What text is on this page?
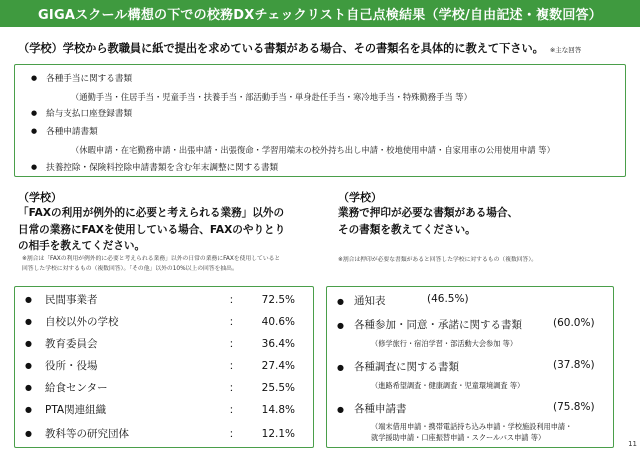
GIGAスクール構想の下での校務DXチェックリスト自己点検結果（学校/自由記述・複数回答）
（学校）学校から教職員に紙で提出を求めている書類がある場合、その書類名を具体的に教えて下さい。 ※主な回答
● 各種手当に関する書類
（通勤手当・住居手当・児童手当・扶養手当・部活動手当・単身赴任手当・寒冷地手当・特殊勤務手当 等）
● 給与支払口座登録書類
● 各種申請書類
（休暇申請・在宅勤務申請・出張申請・出張復命・学習用端末の校外持ち出し申請・校地使用申請・自家用車の公用使用申請 等）
● 扶養控除・保険料控除申請書類を含む年末調整に関する書類
（学校）
「FAXの利用が例外的に必要と考えられる業務」以外の
日常の業務にFAXを使用している場合、FAXのやりとり
の相手を教えてください。
※割合は「FAXの利用が例外的に必要と考えられる業務」以外の日常の業務にFAXを使用していると
回答した学校に対するもの（複数回答）。「その他」以外の10%以上の回答を抽出。
（学校）
業務で押印が必要な書類がある場合、
その書類を教えてください。
※割合は押印が必要な書類があると回答した学校に対するもの（複数回答）。
●	民間事業者	：	72.5%
●	自校以外の学校	：	40.6%
●	教育委員会	：	36.4%
●	役所・役場	：	27.4%
●	給食センター	：	25.5%
●	PTA関連組織	：	14.8%
●	教科等の研究団体	：	12.1%
● 通知表	(46.5%)
● 各種参加・同意・承諾に関する書類	(60.0%)
（修学旅行・宿泊学習・部活動大会参加 等）
● 各種調査に関する書類	(37.8%)
（進路希望調査・健康調査・児童環境調査 等）
● 各種申請書	(75.8%)
（端末借用申請・携帯電話持ち込み申請・学校施設利用申請・
就学援助申請・口座振替申請・スクールバス申請 等）
11
